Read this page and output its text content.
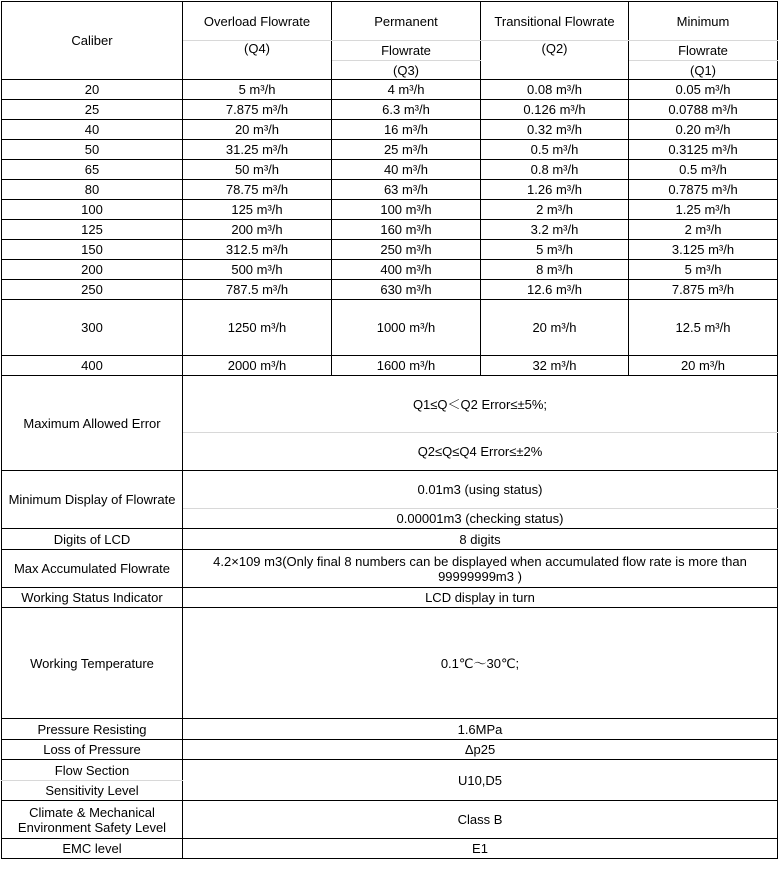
Caliber	Overload Flowrate	Permanent	Transitional Flowrate	Minimum
	(Q4)	Flowrate	(Q2)	Flowrate
		(Q3)		(Q1)
20	5 m³/h	4 m³/h	0.08 m³/h	0.05 m³/h
25	7.875 m³/h	6.3 m³/h	0.126 m³/h	0.0788 m³/h
40	20 m³/h	16 m³/h	0.32 m³/h	0.20 m³/h
50	31.25 m³/h	25 m³/h	0.5 m³/h	0.3125 m³/h
65	50 m³/h	40 m³/h	0.8 m³/h	0.5 m³/h
80	78.75 m³/h	63 m³/h	1.26 m³/h	0.7875 m³/h
100	125 m³/h	100 m³/h	2 m³/h	1.25 m³/h
125	200 m³/h	160 m³/h	3.2 m³/h	2 m³/h
150	312.5 m³/h	250 m³/h	5 m³/h	3.125 m³/h
200	500 m³/h	400 m³/h	8 m³/h	5 m³/h
250	787.5 m³/h	630 m³/h	12.6 m³/h	7.875 m³/h
300	1250 m³/h	1000 m³/h	20 m³/h	12.5 m³/h
400	2000 m³/h	1600 m³/h	32 m³/h	20 m³/h
Maximum Allowed Error	Q1≤Q＜Q2 Error≤±5%;			
	Q2≤Q≤Q4 Error≤±2%			
Minimum Display of Flowrate	0.01m3 (using status)			
	0.00001m3 (checking status)			
Digits of LCD	8 digits			
Max Accumulated Flowrate	4.2×109 m3(Only final 8 numbers can be displayed when accumulated flow rate is more than 99999999m3 )			
Working Status Indicator	LCD display in turn			
Working Temperature	0.1℃～30℃;			
Pressure Resisting	1.6MPa			
Loss of Pressure	Δp25			
Flow Section	U10,D5			
Sensitivity Level				
Climate & Mechanical Environment Safety Level	Class B			
EMC level	E1			
